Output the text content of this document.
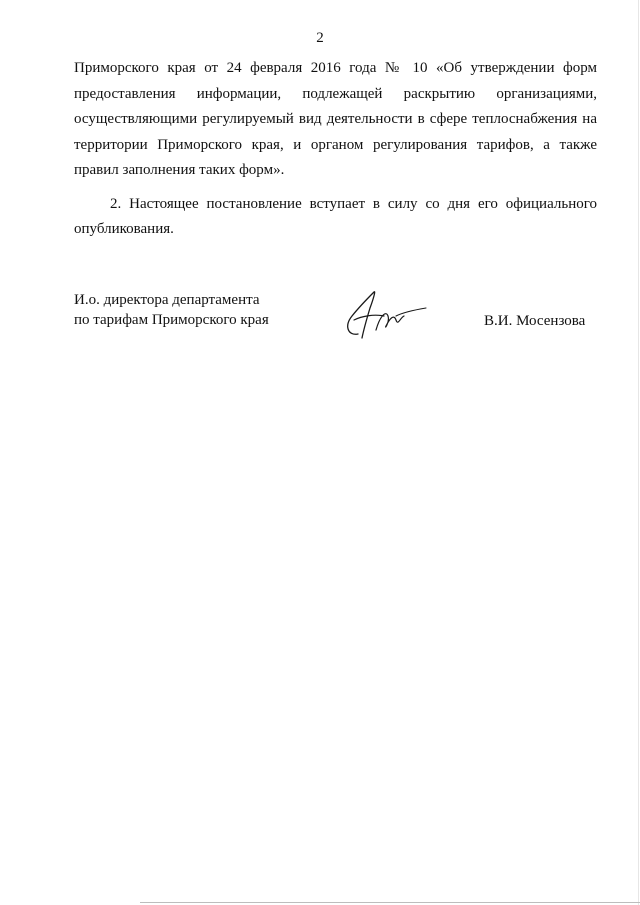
2
Приморского края от 24 февраля 2016 года № 10 «Об утверждении форм
предоставления информации, подлежащей раскрытию организациями,
осуществляющими регулируемый вид деятельности в сфере теплоснабжения на
территории Приморского края, и органом регулирования тарифов, а также
правил заполнения таких форм».
2. Настоящее постановление вступает в силу со дня его официального
опубликования.
И.о. директора департамента
по тарифам Приморского края	В.И. Мосензова
